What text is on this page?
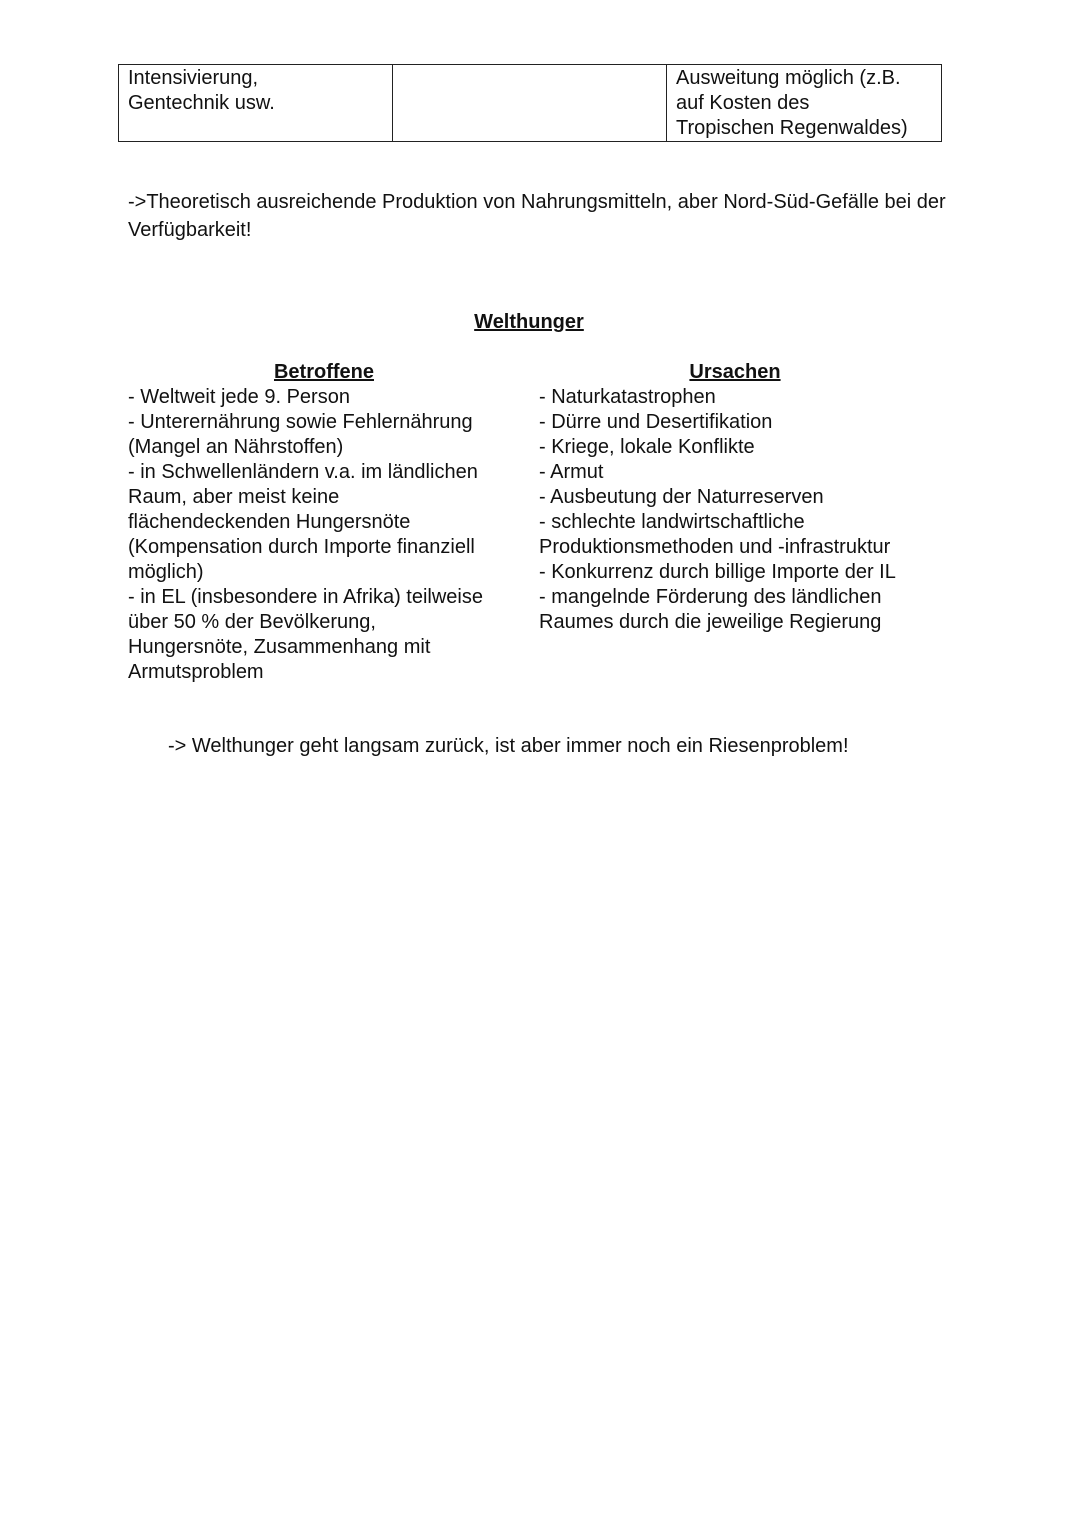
Intensivierung,
Gentechnik usw.		Ausweitung möglich (z.B.
auf Kosten des
Tropischen Regenwaldes)
->Theoretisch ausreichende Produktion von Nahrungsmitteln, aber Nord-Süd-Gefälle bei der Verfügbarkeit!
Welthunger
Betroffene
- Weltweit jede 9. Person
- Unterernährung sowie Fehlernährung
(Mangel an Nährstoffen)
- in Schwellenländern v.a. im ländlichen
Raum, aber meist keine
flächendeckenden Hungersnöte
(Kompensation durch Importe finanziell
möglich)
- in EL (insbesondere in Afrika) teilweise
über 50 % der Bevölkerung,
Hungersnöte, Zusammenhang mit
Armutsproblem
Ursachen
- Naturkatastrophen
- Dürre und Desertifikation
- Kriege, lokale Konflikte
- Armut
- Ausbeutung der Naturreserven
- schlechte landwirtschaftliche
Produktionsmethoden und -infrastruktur
- Konkurrenz durch billige Importe der IL
- mangelnde Förderung des ländlichen
Raumes durch die jeweilige Regierung
-> Welthunger geht langsam zurück, ist aber immer noch ein Riesenproblem!
